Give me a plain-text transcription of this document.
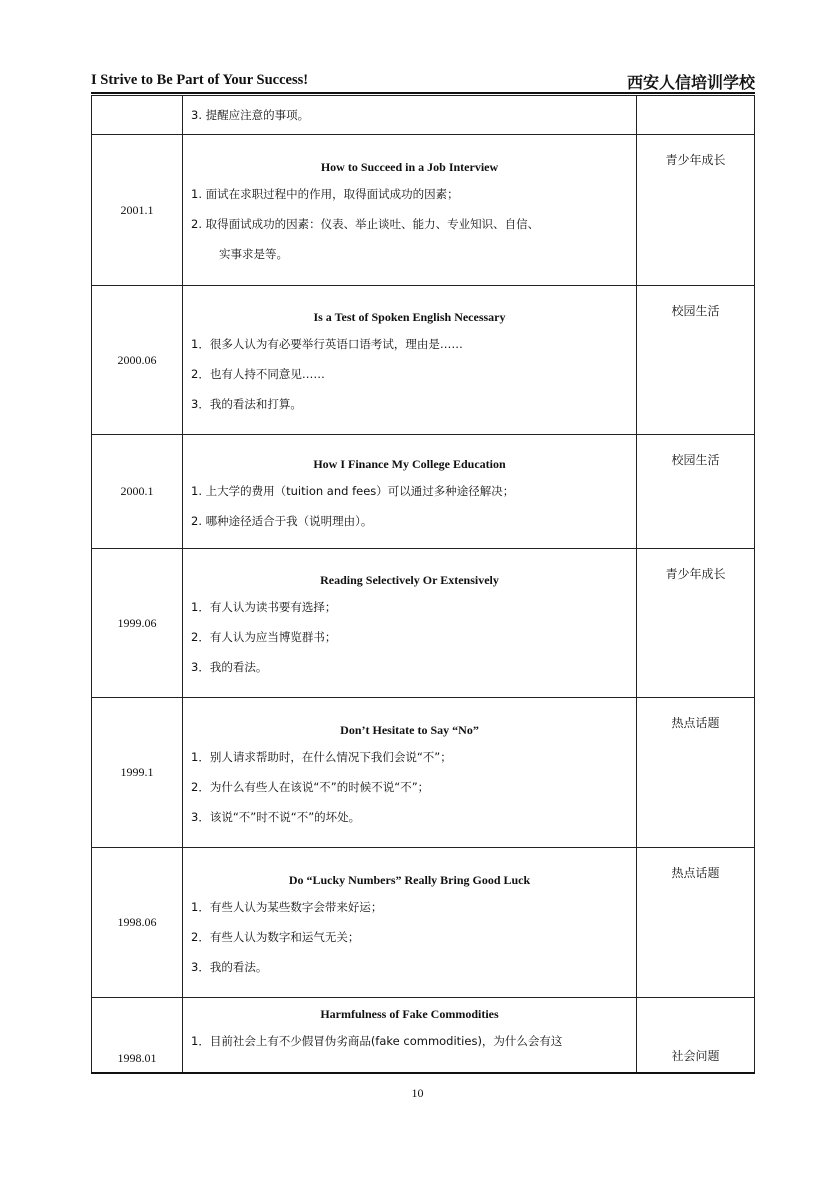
I Strive to Be Part of Your Success!	西安人信培训学校

	3. 提醒应注意的事项。	

2001.1	How to Succeed in a Job Interview
1. 面试在求职过程中的作用，取得面试成功的因素；
2. 取得面试成功的因素：仪表、举止谈吐、能力、专业知识、自信、
实事求是等。	青少年成长

2000.06	Is a Test of Spoken English Necessary
1．很多人认为有必要举行英语口语考试，理由是……
2．也有人持不同意见……
3．我的看法和打算。	校园生活

2000.1	How I Finance My College Education
1. 上大学的费用（tuition and fees）可以通过多种途径解决；
2. 哪种途径适合于我（说明理由）。	校园生活

1999.06	Reading Selectively Or Extensively
1．有人认为读书要有选择；
2．有人认为应当博览群书；
3．我的看法。	青少年成长

1999.1	Don’t Hesitate to Say “No”
1．别人请求帮助时，在什么情况下我们会说“不”；
2．为什么有些人在该说“不”的时候不说“不”；
3．该说“不”时不说“不”的坏处。	热点话题

1998.06	Do “Lucky Numbers” Really Bring Good Luck
1．有些人认为某些数字会带来好运；
2．有些人认为数字和运气无关；
3．我的看法。	热点话题

1998.01	Harmfulness of Fake Commodities
1．目前社会上有不少假冒伪劣商品(fake commodities)，为什么会有这	社会问题
10
